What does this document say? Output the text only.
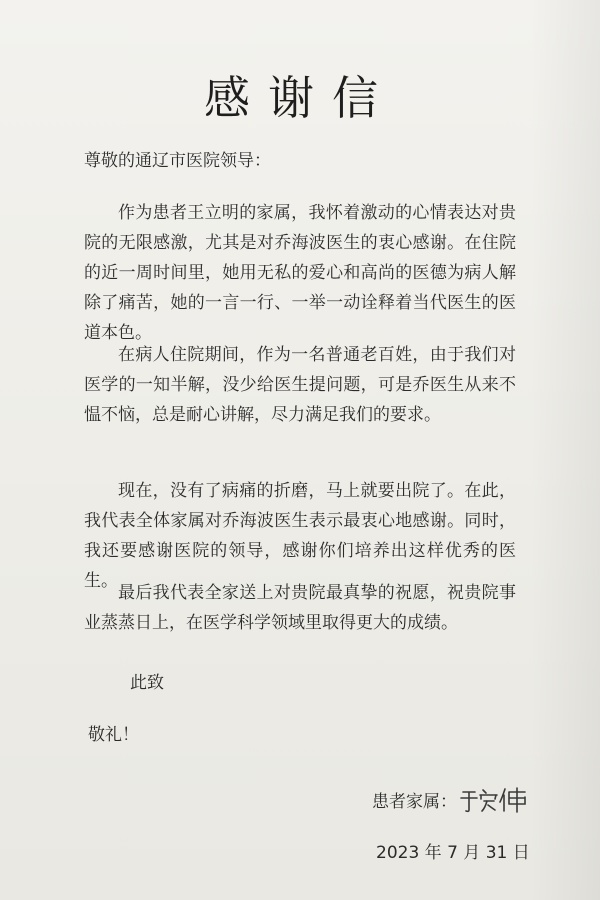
感谢信
尊敬的通辽市医院领导：
作为患者王立明的家属，我怀着激动的心情表达对贵院的无限感激，尤其是对乔海波医生的衷心感谢。在住院的近一周时间里，她用无私的爱心和高尚的医德为病人解除了痛苦，她的一言一行、一举一动诠释着当代医生的医道本色。
在病人住院期间，作为一名普通老百姓，由于我们对医学的一知半解，没少给医生提问题，可是乔医生从来不愠不恼，总是耐心讲解，尽力满足我们的要求。
现在，没有了病痛的折磨，马上就要出院了。在此，我代表全体家属对乔海波医生表示最衷心地感谢。同时，我还要感谢医院的领导，感谢你们培养出这样优秀的医生。
最后我代表全家送上对贵院最真挚的祝愿，祝贵院事业蒸蒸日上，在医学科学领域里取得更大的成绩。
此致
敬礼！
患者家属：
2023 年 7 月 31 日
